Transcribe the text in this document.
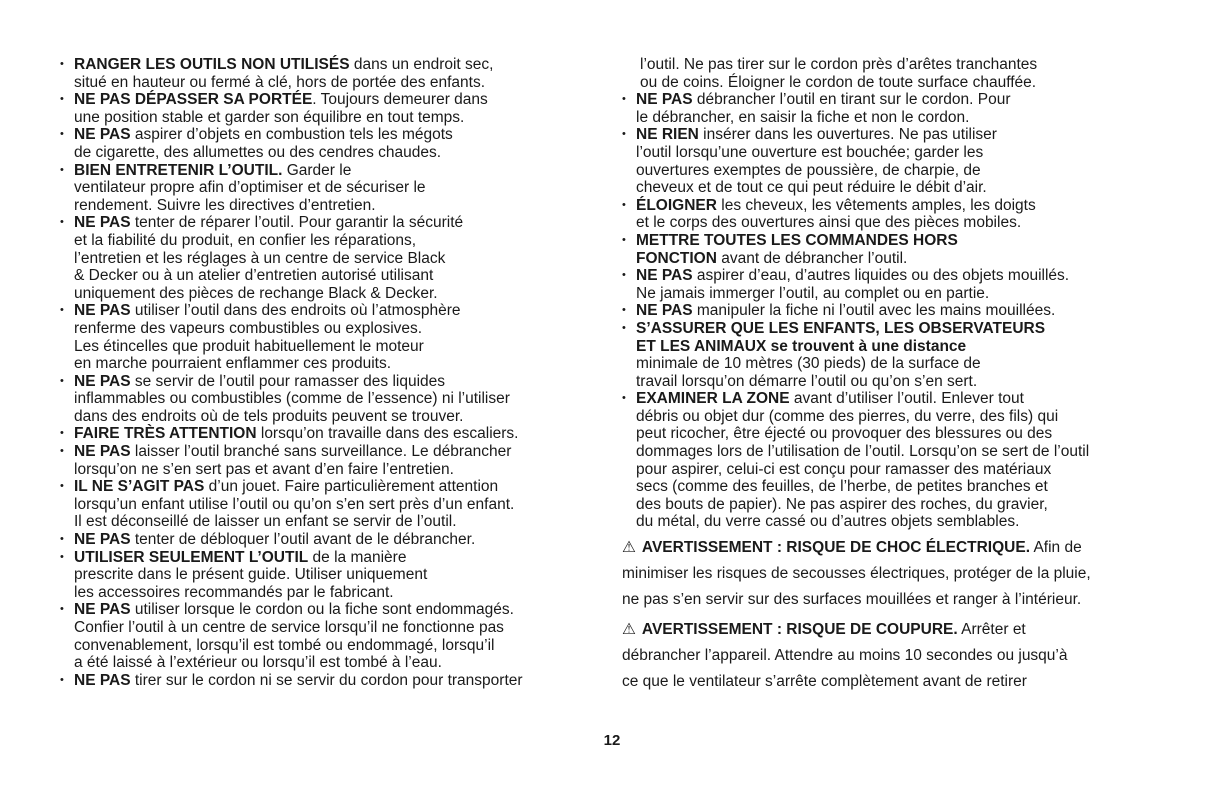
• RANGER LES OUTILS NON UTILISÉS dans un endroit sec,
situé en hauteur ou fermé à clé, hors de portée des enfants.
• NE PAS DÉPASSER SA PORTÉE. Toujours demeurer dans
une position stable et garder son équilibre en tout temps.
• NE PAS aspirer d’objets en combustion tels les mégots
de cigarette, des allumettes ou des cendres chaudes.
• BIEN ENTRETENIR L’OUTIL. Garder le
ventilateur propre afin d’optimiser et de sécuriser le
rendement. Suivre les directives d’entretien.
• NE PAS tenter de réparer l’outil. Pour garantir la sécurité
et la fiabilité du produit, en confier les réparations,
l’entretien et les réglages à un centre de service Black
& Decker ou à un atelier d’entretien autorisé utilisant
uniquement des pièces de rechange Black & Decker.
• NE PAS utiliser l’outil dans des endroits où l’atmosphère
renferme des vapeurs combustibles ou explosives.
Les étincelles que produit habituellement le moteur
en marche pourraient enflammer ces produits.
• NE PAS se servir de l’outil pour ramasser des liquides
inflammables ou combustibles (comme de l’essence) ni l’utiliser
dans des endroits où de tels produits peuvent se trouver.
• FAIRE TRÈS ATTENTION lorsqu’on travaille dans des escaliers.
• NE PAS laisser l’outil branché sans surveillance. Le débrancher
lorsqu’on ne s’en sert pas et avant d’en faire l’entretien.
• IL NE S’AGIT PAS d’un jouet. Faire particulièrement attention
lorsqu’un enfant utilise l’outil ou qu’on s’en sert près d’un enfant.
Il est déconseillé de laisser un enfant se servir de l’outil.
• NE PAS tenter de débloquer l’outil avant de le débrancher.
• UTILISER SEULEMENT L’OUTIL de la manière
prescrite dans le présent guide. Utiliser uniquement
les accessoires recommandés par le fabricant.
• NE PAS utiliser lorsque le cordon ou la fiche sont endommagés.
Confier l’outil à un centre de service lorsqu’il ne fonctionne pas
convenablement, lorsqu’il est tombé ou endommagé, lorsqu’il
a été laissé à l’extérieur ou lorsqu’il est tombé à l’eau.
• NE PAS tirer sur le cordon ni se servir du cordon pour transporter
l’outil. Ne pas tirer sur le cordon près d’arêtes tranchantes
ou de coins. Éloigner le cordon de toute surface chauffée.
• NE PAS débrancher l’outil en tirant sur le cordon. Pour
le débrancher, en saisir la fiche et non le cordon.
• NE RIEN insérer dans les ouvertures. Ne pas utiliser
l’outil lorsqu’une ouverture est bouchée; garder les
ouvertures exemptes de poussière, de charpie, de
cheveux et de tout ce qui peut réduire le débit d’air.
• ÉLOIGNER les cheveux, les vêtements amples, les doigts
et le corps des ouvertures ainsi que des pièces mobiles.
• METTRE TOUTES LES COMMANDES HORS
FONCTION avant de débrancher l’outil.
• NE PAS aspirer d’eau, d’autres liquides ou des objets mouillés.
Ne jamais immerger l’outil, au complet ou en partie.
• NE PAS manipuler la fiche ni l’outil avec les mains mouillées.
• S’ASSURER QUE LES ENFANTS, LES OBSERVATEURS
ET LES ANIMAUX se trouvent à une distance
minimale de 10 mètres (30 pieds) de la surface de
travail lorsqu’on démarre l’outil ou qu’on s’en sert.
• EXAMINER LA ZONE avant d’utiliser l’outil. Enlever tout
débris ou objet dur (comme des pierres, du verre, des fils) qui
peut ricocher, être éjecté ou provoquer des blessures ou des
dommages lors de l’utilisation de l’outil. Lorsqu’on se sert de l’outil
pour aspirer, celui-ci est conçu pour ramasser des matériaux
secs (comme des feuilles, de l’herbe, de petites branches et
des bouts de papier). Ne pas aspirer des roches, du gravier,
du métal, du verre cassé ou d’autres objets semblables.
⚠ AVERTISSEMENT : RISQUE DE CHOC ÉLECTRIQUE. Afin de
minimiser les risques de secousses électriques, protéger de la pluie,
ne pas s’en servir sur des surfaces mouillées et ranger à l’intérieur.
⚠ AVERTISSEMENT : RISQUE DE COUPURE. Arrêter et
débrancher l’appareil. Attendre au moins 10 secondes ou jusqu’à
ce que le ventilateur s’arrête complètement avant de retirer
12
